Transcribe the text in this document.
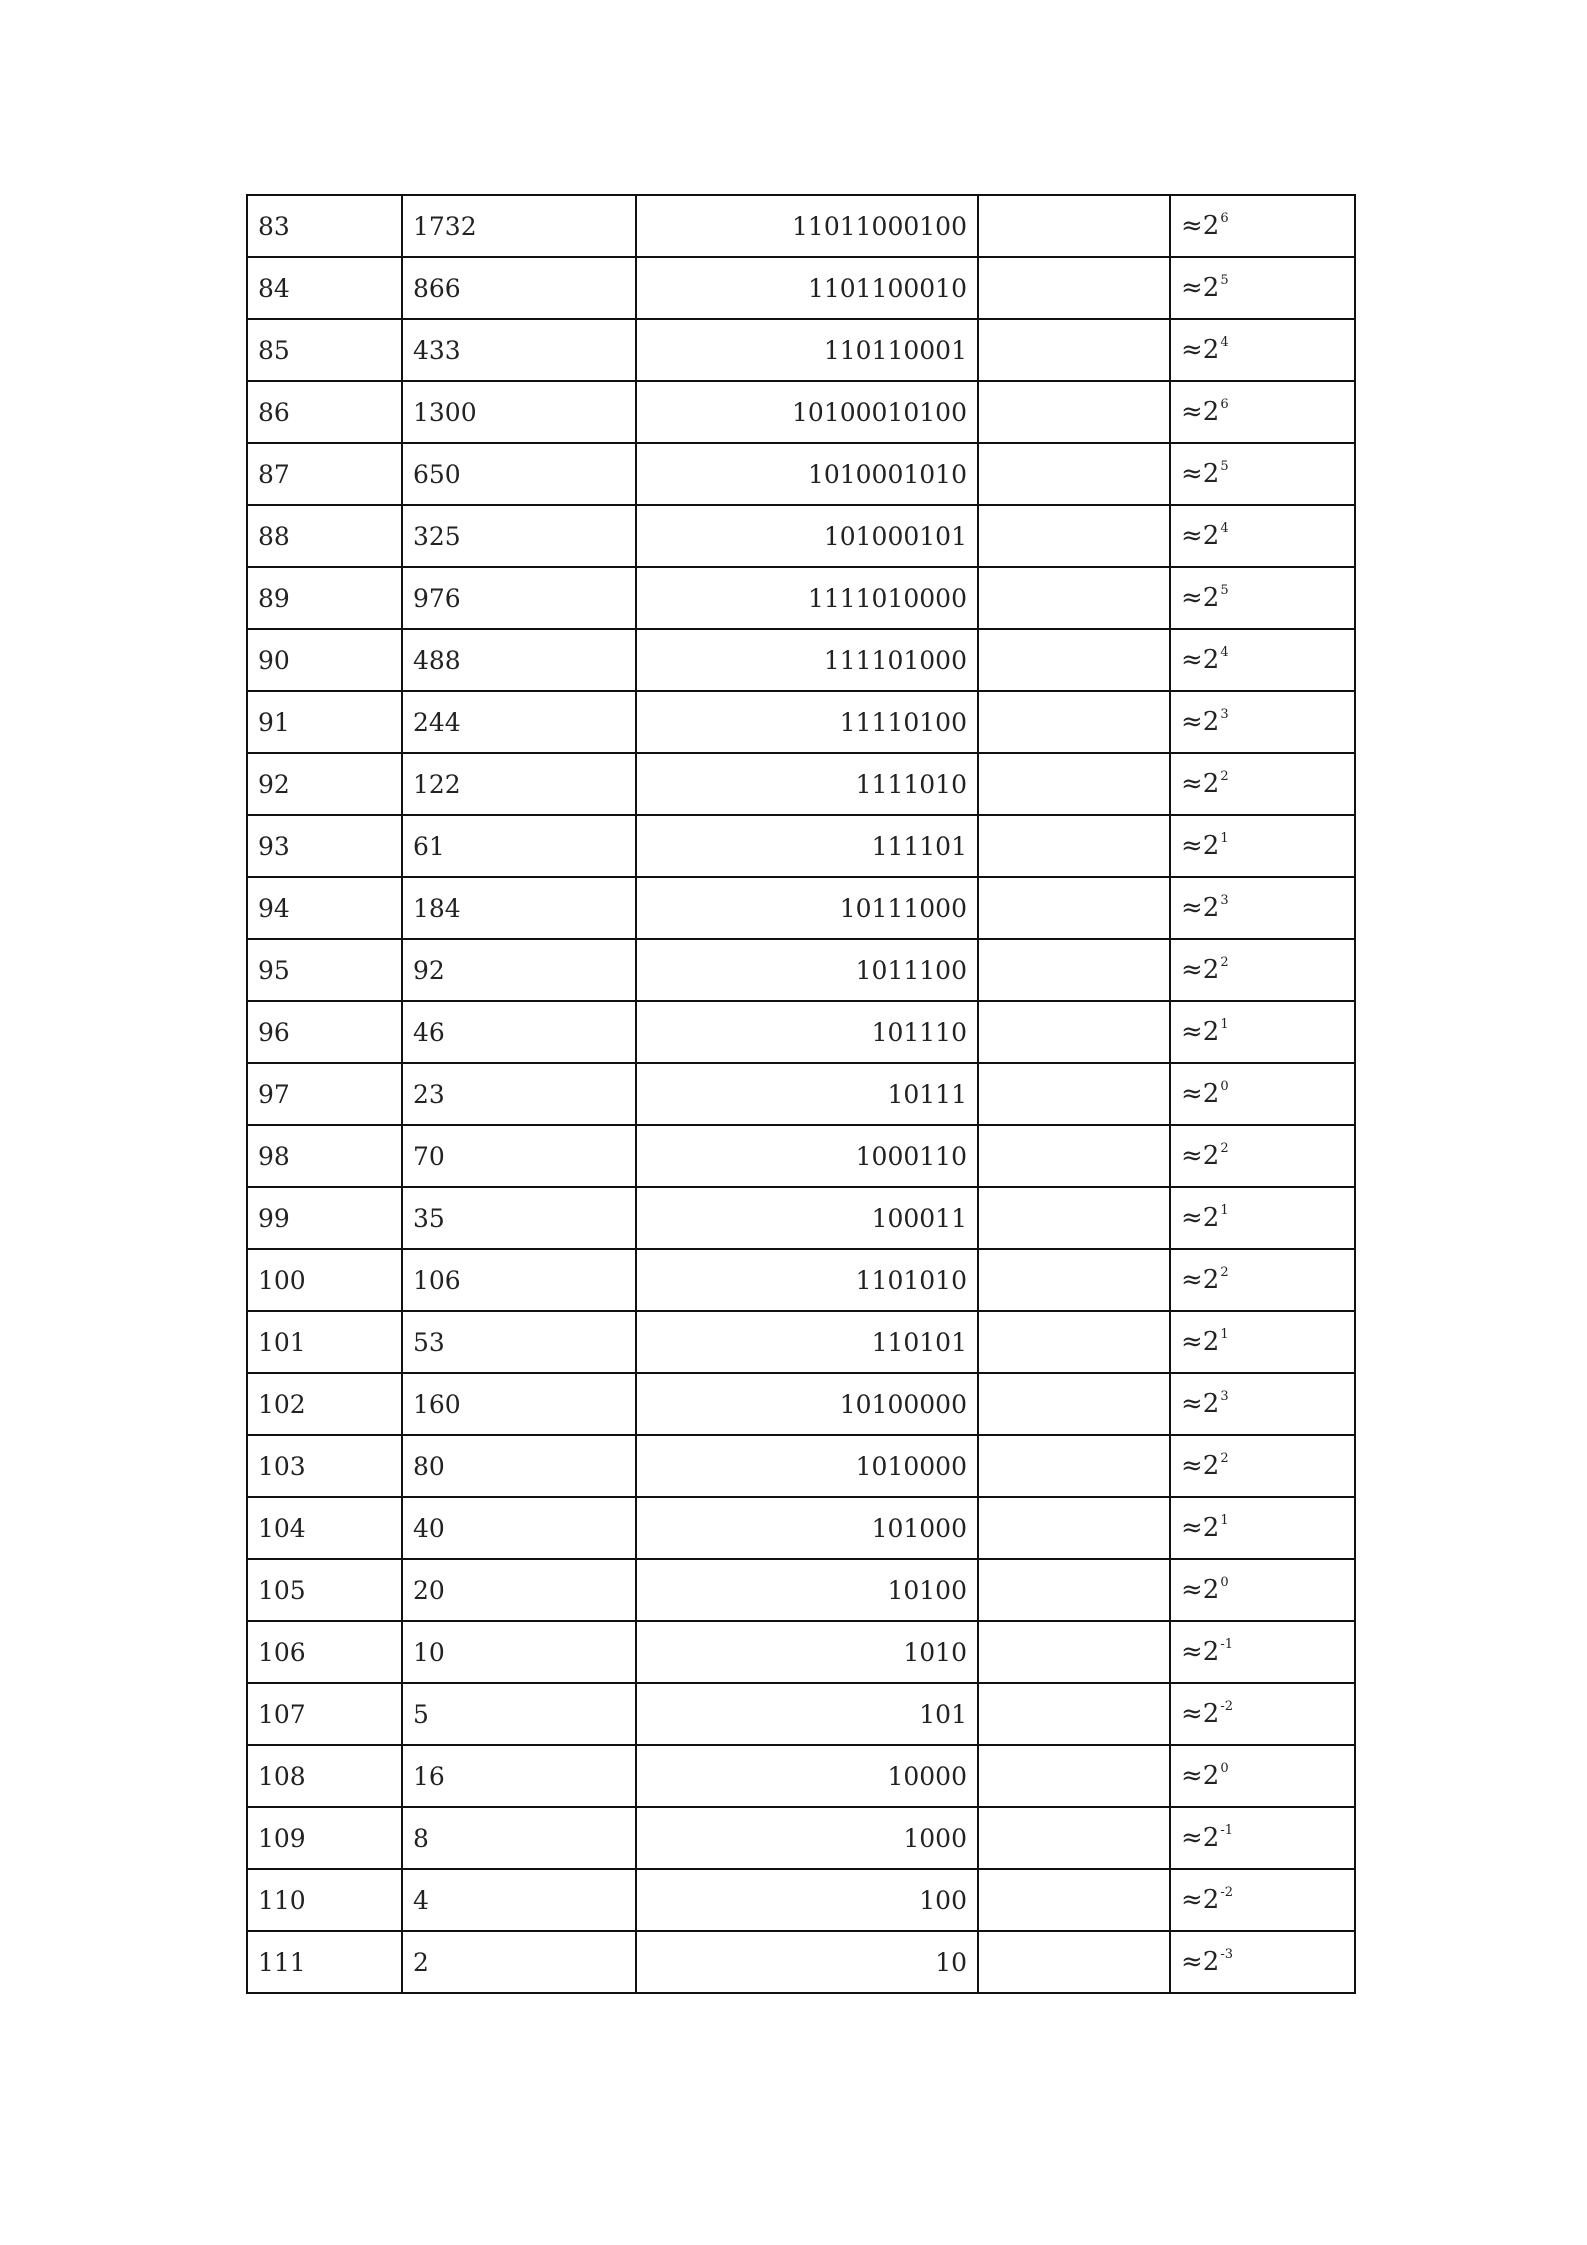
83	1732	11011000100		$\approx 2^6$
84	866	1101100010		$\approx 2^5$
85	433	110110001		$\approx 2^4$
86	1300	10100010100		$\approx 2^6$
87	650	1010001010		$\approx 2^5$
88	325	101000101		$\approx 2^4$
89	976	1111010000		$\approx 2^5$
90	488	111101000		$\approx 2^4$
91	244	11110100		$\approx 2^3$
92	122	1111010		$\approx 2^2$
93	61	111101		$\approx 2^1$
94	184	10111000		$\approx 2^3$
95	92	1011100		$\approx 2^2$
96	46	101110		$\approx 2^1$
97	23	10111		$\approx 2^0$
98	70	1000110		$\approx 2^2$
99	35	100011		$\approx 2^1$
100	106	1101010		$\approx 2^2$
101	53	110101		$\approx 2^1$
102	160	10100000		$\approx 2^3$
103	80	1010000		$\approx 2^2$
104	40	101000		$\approx 2^1$
105	20	10100		$\approx 2^0$
106	10	1010		$\approx 2^{-1}$
107	5	101		$\approx 2^{-2}$
108	16	10000		$\approx 2^0$
109	8	1000		$\approx 2^{-1}$
110	4	100		$\approx 2^{-2}$
111	2	10		$\approx 2^{-3}$
